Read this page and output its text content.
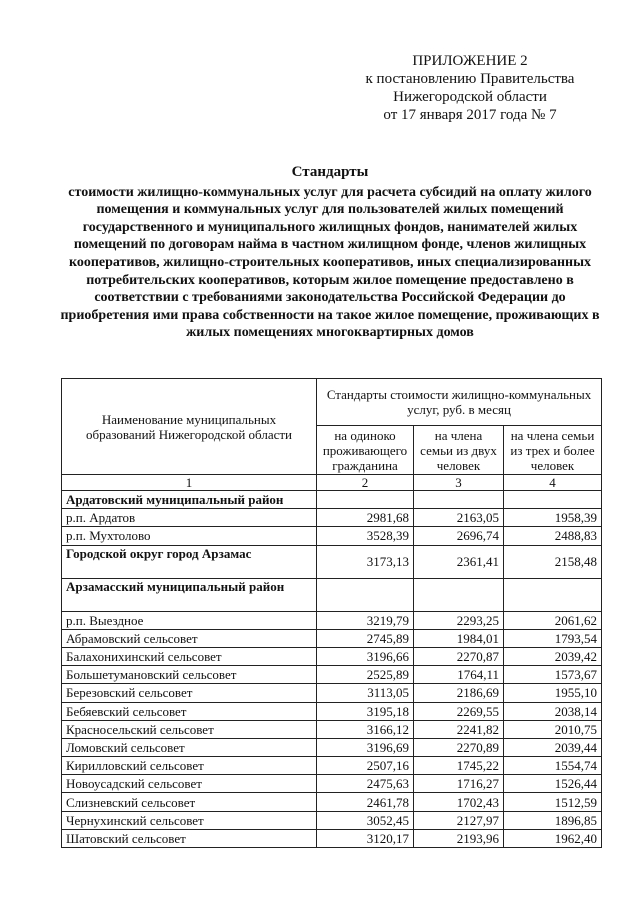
ПРИЛОЖЕНИЕ 2
к постановлению Правительства
Нижегородской области
от 17 января 2017 года № 7
Стандарты
стоимости жилищно-коммунальных услуг для расчета субсидий на оплату жилого помещения и коммунальных услуг для пользователей жилых помещений государственного и муниципального жилищных фондов, нанимателей жилых помещений по договорам найма в частном жилищном фонде, членов жилищных кооперативов, жилищно-строительных кооперативов, иных специализированных потребительских кооперативов, которым жилое помещение предоставлено в соответствии с требованиями законодательства Российской Федерации до приобретения ими права собственности на такое жилое помещение, проживающих в жилых помещениях многоквартирных домов
Наименование муниципальных образований Нижегородской области	Стандарты стоимости жилищно-коммунальных услуг, руб. в месяц		
	на одиноко проживающего гражданина	на члена семьи из двух человек	на члена семьи из трех и более человек
1	2	3	4
Ардатовский муниципальный район			
р.п. Ардатов	2981,68	2163,05	1958,39
р.п. Мухтолово	3528,39	2696,74	2488,83
Городской округ город Арзамас	3173,13	2361,41	2158,48
Арзамасский муниципальный район			
р.п. Выездное	3219,79	2293,25	2061,62
Абрамовский сельсовет	2745,89	1984,01	1793,54
Балахонихинский сельсовет	3196,66	2270,87	2039,42
Большетумановский сельсовет	2525,89	1764,11	1573,67
Березовский сельсовет	3113,05	2186,69	1955,10
Бебяевский сельсовет	3195,18	2269,55	2038,14
Красносельский сельсовет	3166,12	2241,82	2010,75
Ломовский сельсовет	3196,69	2270,89	2039,44
Кирилловский сельсовет	2507,16	1745,22	1554,74
Новоусадский сельсовет	2475,63	1716,27	1526,44
Слизневский сельсовет	2461,78	1702,43	1512,59
Чернухинский сельсовет	3052,45	2127,97	1896,85
Шатовский сельсовет	3120,17	2193,96	1962,40
